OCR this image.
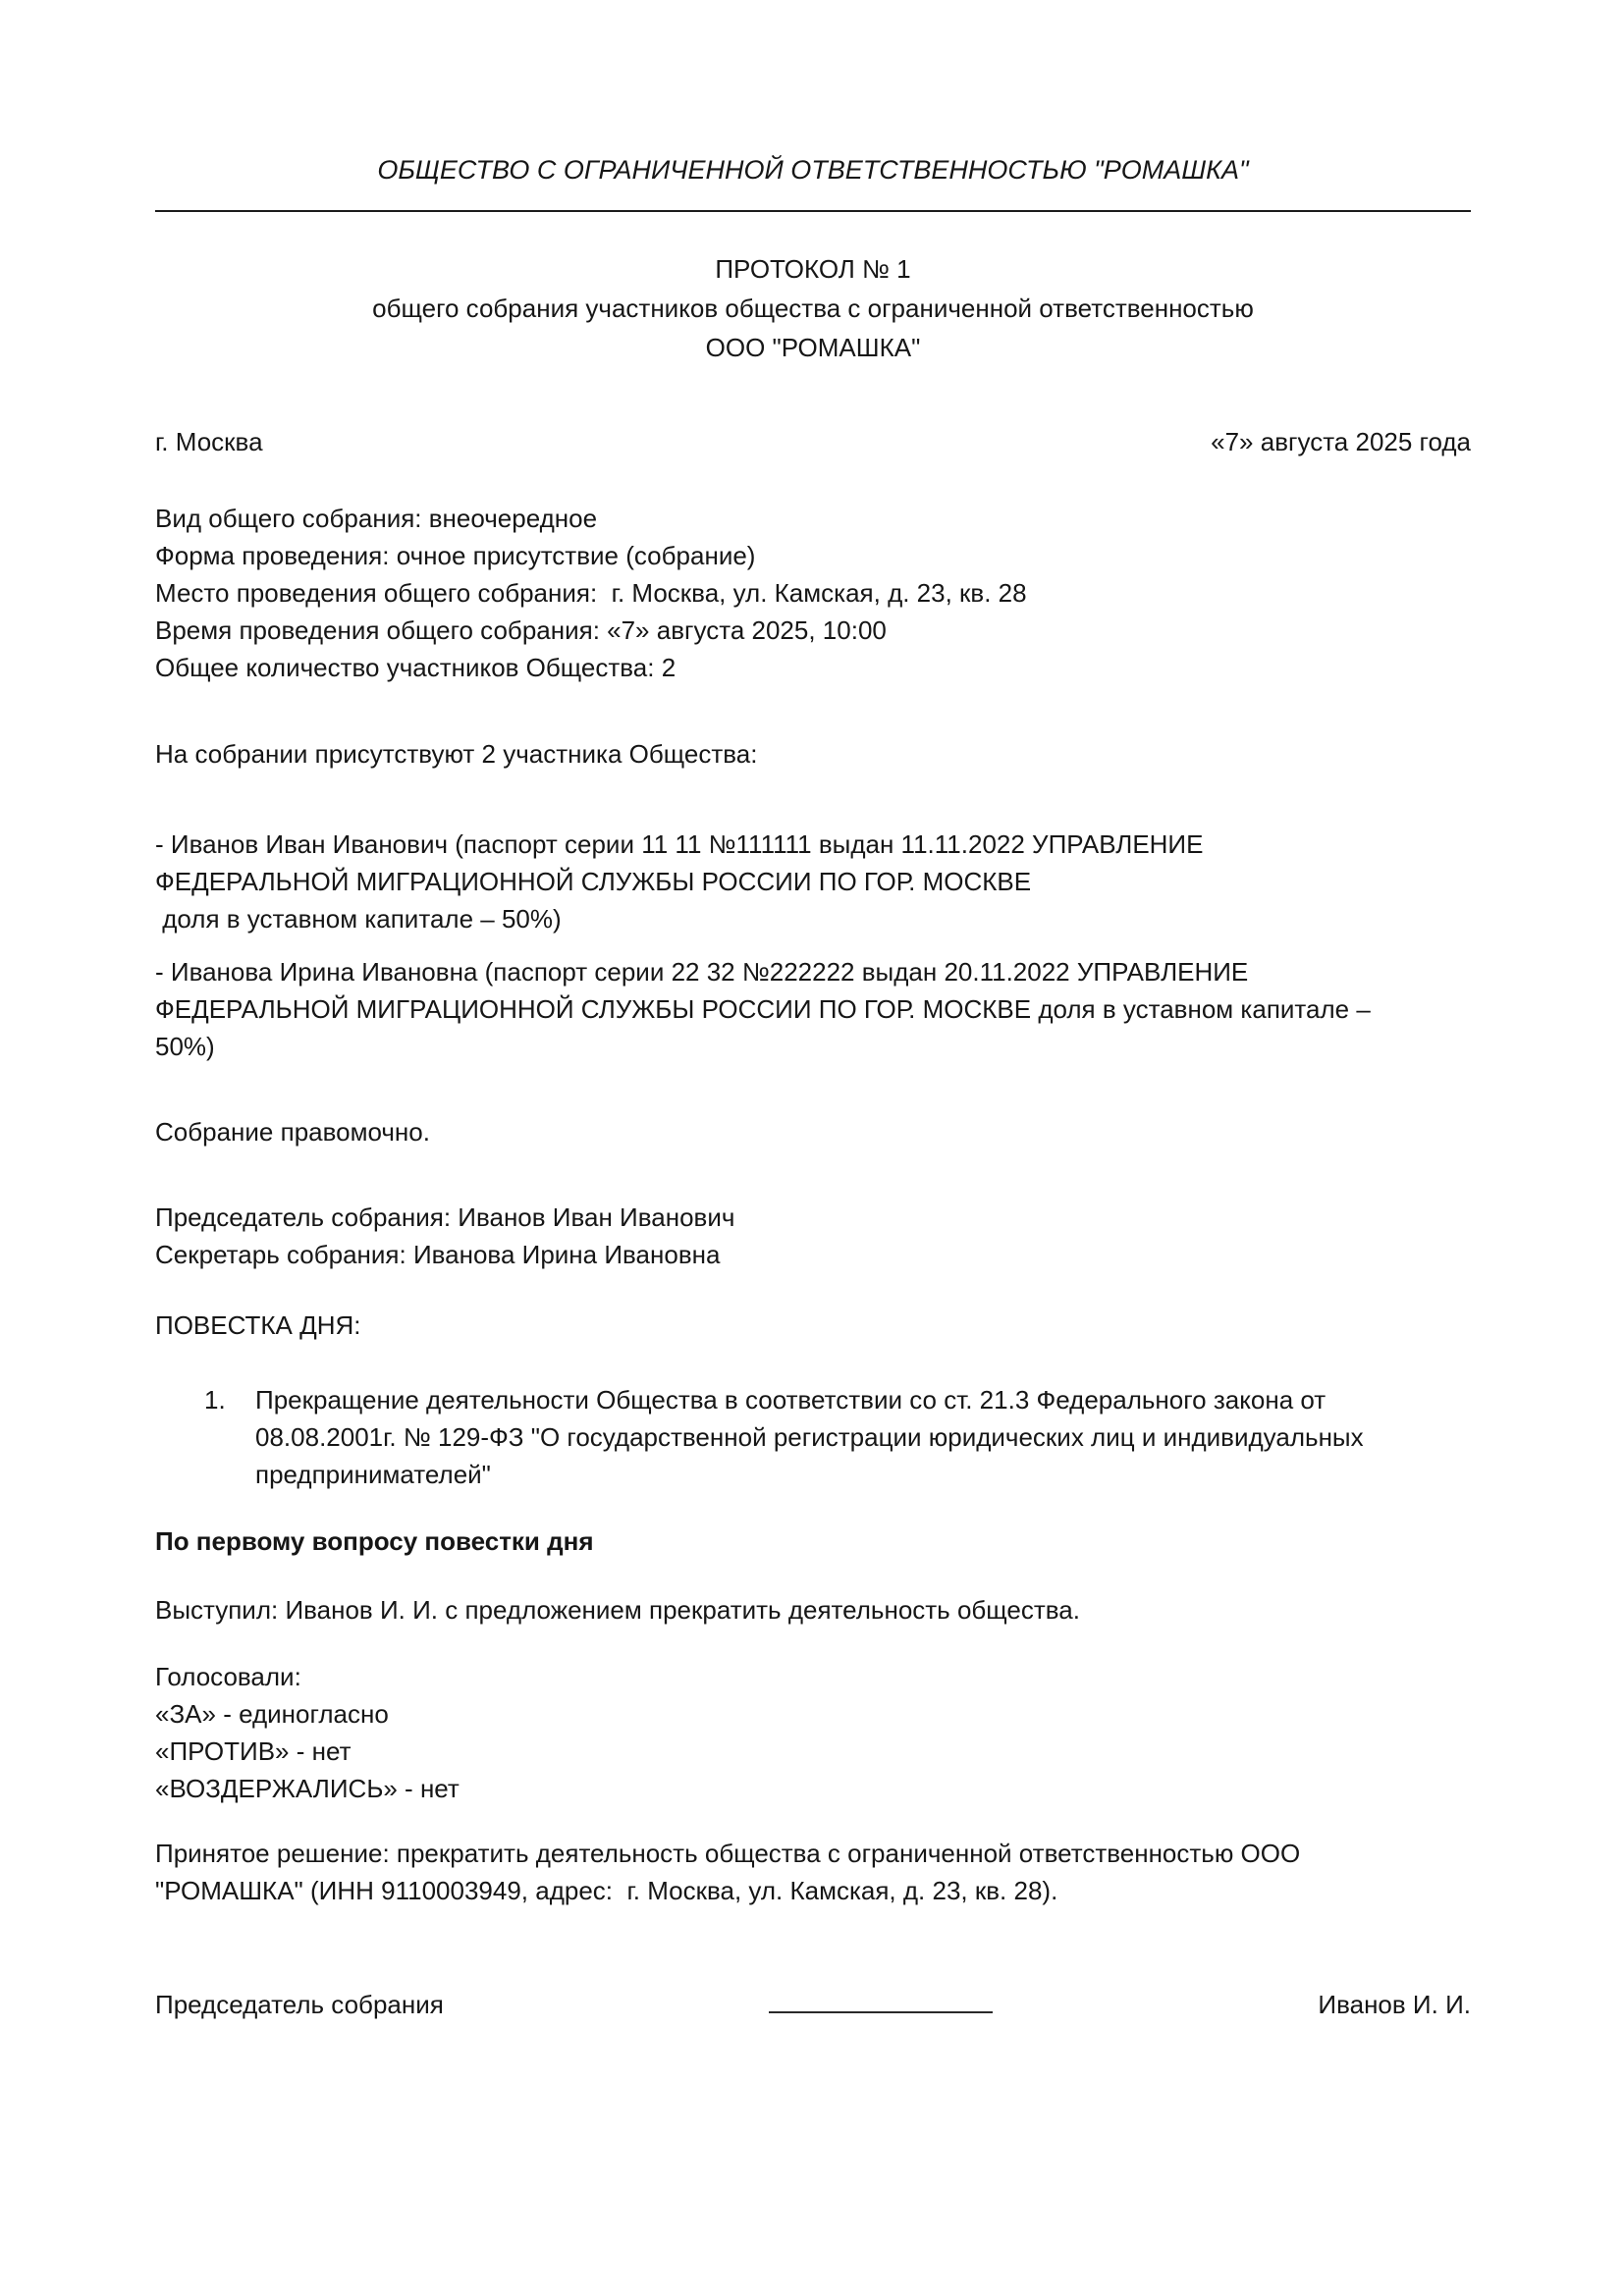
ОБЩЕСТВО С ОГРАНИЧЕННОЙ ОТВЕТСТВЕННОСТЬЮ "РОМАШКА"
ПРОТОКОЛ № 1
общего собрания участников общества с ограниченной ответственностью
ООО "РОМАШКА"
г. Москва	«7» августа 2025 года
Вид общего собрания: внеочередное
Форма проведения: очное присутствие (собрание)
Место проведения общего собрания:  г. Москва, ул. Камская, д. 23, кв. 28
Время проведения общего собрания: «7» августа 2025, 10:00
Общее количество участников Общества: 2
На собрании присутствуют 2 участника Общества:
- Иванов Иван Иванович (паспорт серии 11 11 №111111 выдан 11.11.2022 УПРАВЛЕНИЕ
ФЕДЕРАЛЬНОЙ МИГРАЦИОННОЙ СЛУЖБЫ РОССИИ ПО ГОР. МОСКВЕ
доля в уставном капитале – 50%)
- Иванова Ирина Ивановна (паспорт серии 22 32 №222222 выдан 20.11.2022 УПРАВЛЕНИЕ
ФЕДЕРАЛЬНОЙ МИГРАЦИОННОЙ СЛУЖБЫ РОССИИ ПО ГОР. МОСКВЕ доля в уставном капитале –
50%)
Собрание правомочно.
Председатель собрания: Иванов Иван Иванович
Секретарь собрания: Иванова Ирина Ивановна
ПОВЕСТКА ДНЯ:
1.	Прекращение деятельности Общества в соответствии со ст. 21.3 Федерального закона от
08.08.2001г. № 129-ФЗ "О государственной регистрации юридических лиц и индивидуальных
предпринимателей"
По первому вопросу повестки дня
Выступил: Иванов И. И. с предложением прекратить деятельность общества.
Голосовали:
«ЗА» - единогласно
«ПРОТИВ» - нет
«ВОЗДЕРЖАЛИСЬ» - нет
Принятое решение: прекратить деятельность общества с ограниченной ответственностью ООО
"РОМАШКА" (ИНН 9110003949, адрес:  г. Москва, ул. Камская, д. 23, кв. 28).
Председатель собрания	Иванов И. И.
